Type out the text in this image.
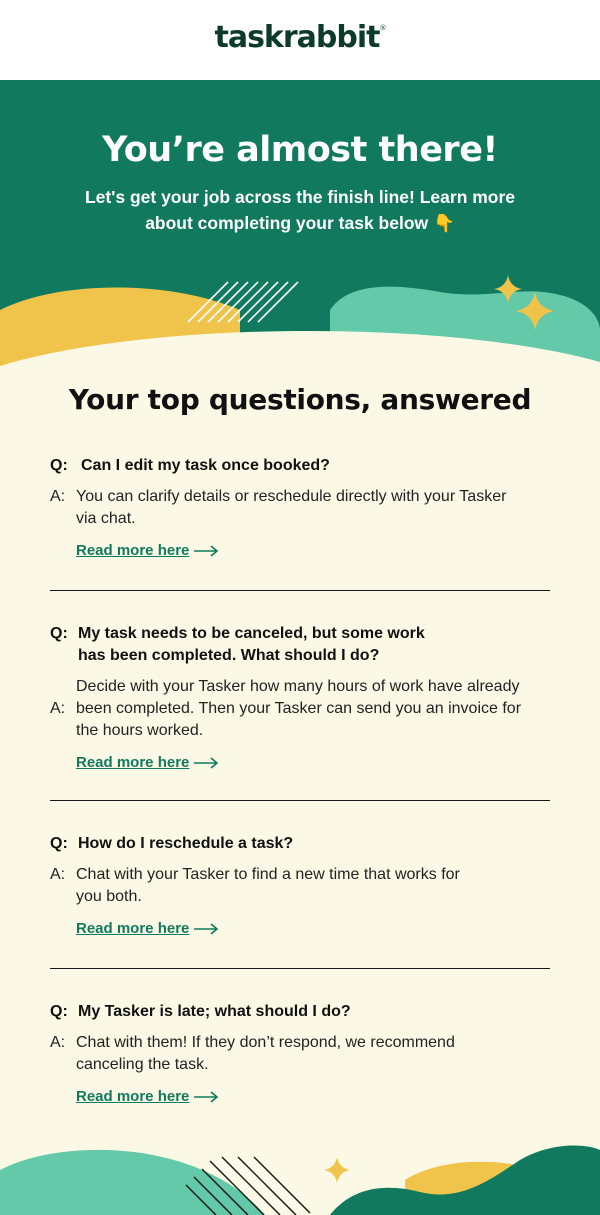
taskrabbit®
You’re almost there!
Let's get your job across the finish line! Learn more about completing your task below 👇
Your top questions, answered
Q: Can I edit my task once booked?
A: You can clarify details or reschedule directly with your Tasker via chat.
Read more here
Q: My task needs to be canceled, but some work has been completed. What should I do?
A:
Decide with your Tasker how many hours of work have already been completed. Then your Tasker can send you an invoice for the hours worked.
Read more here
Q: How do I reschedule a task?
A: Chat with your Tasker to find a new time that works for you both.
Read more here
Q: My Tasker is late; what should I do?
A: Chat with them! If they don’t respond, we recommend canceling the task.
Read more here
